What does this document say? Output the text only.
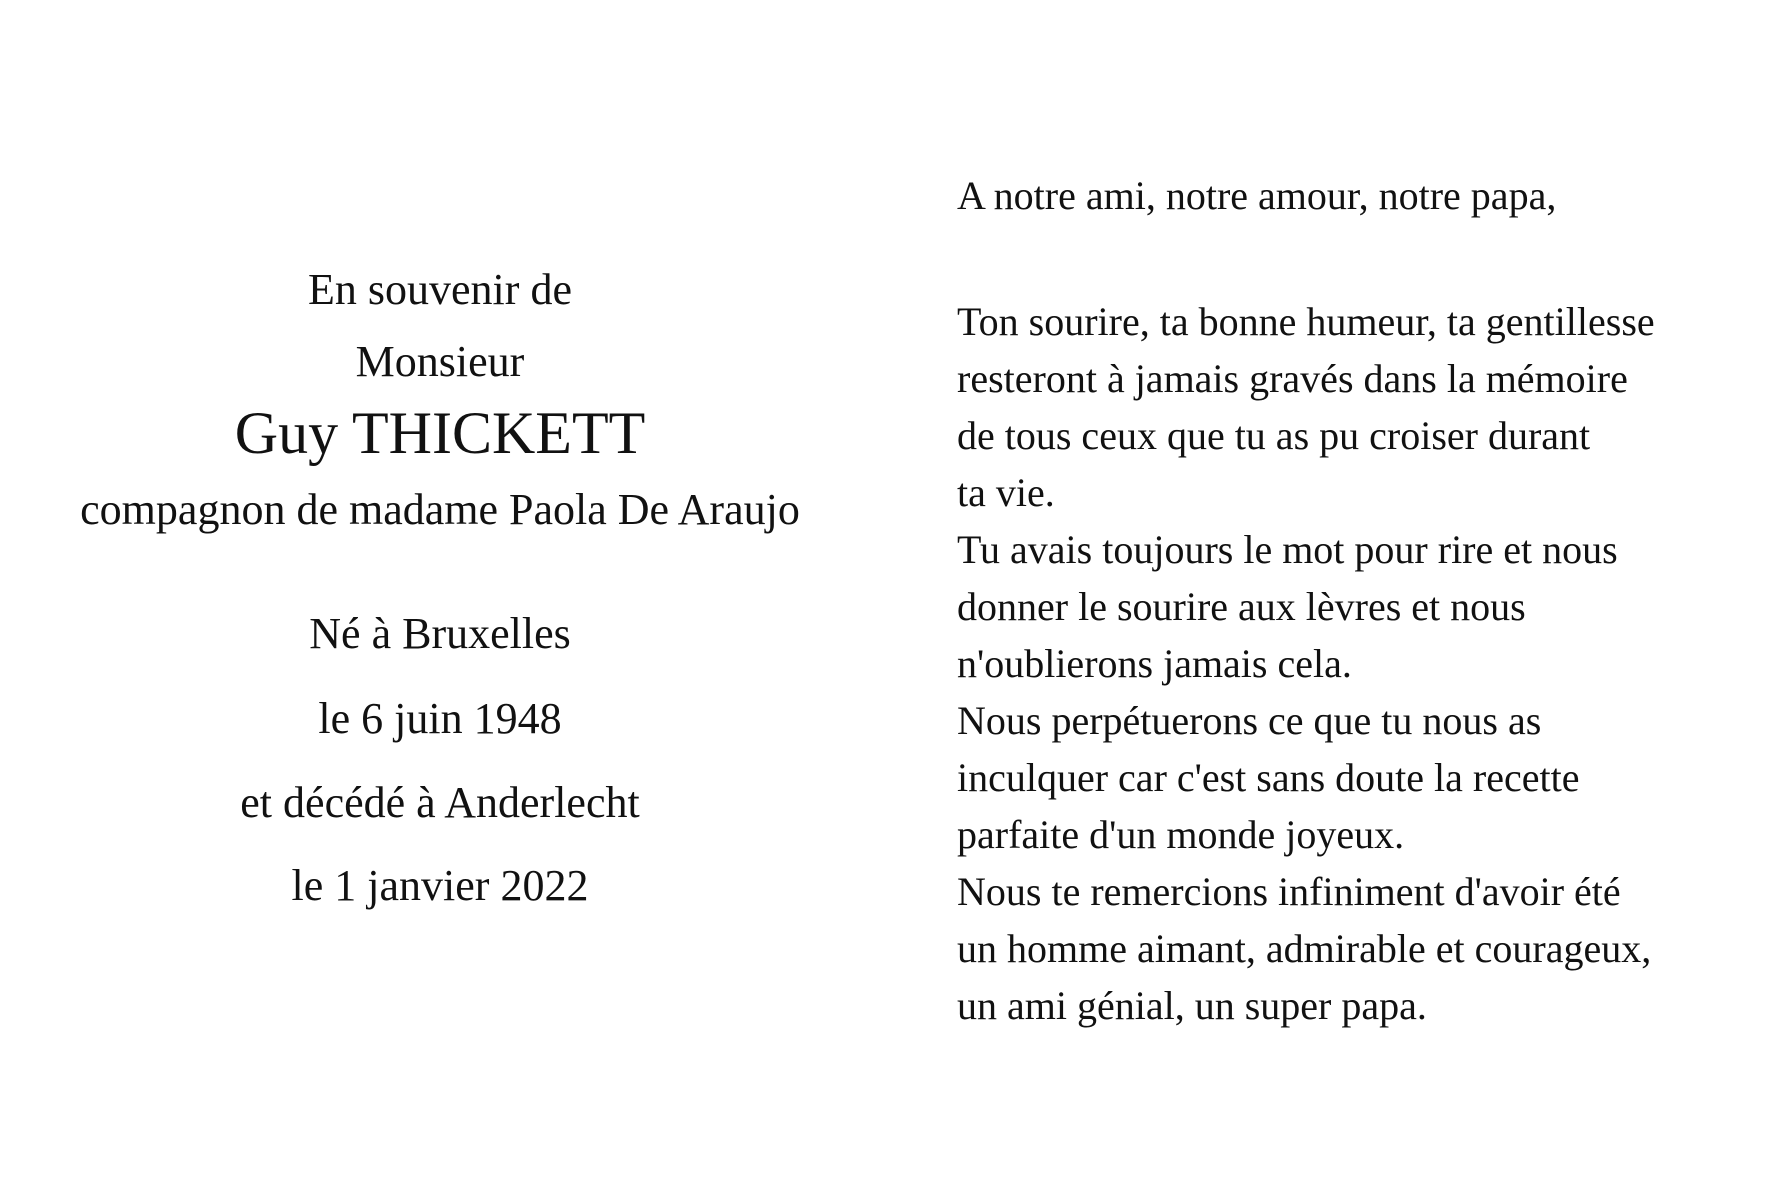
En souvenir de
Monsieur
Guy THICKETT
compagnon de madame Paola De Araujo
Né à Bruxelles
le 6 juin 1948
et décédé à Anderlecht
le 1 janvier 2022
A notre ami, notre amour, notre papa,
Ton sourire, ta bonne humeur, ta gentillesse
resteront à jamais gravés dans la mémoire
de tous ceux que tu as pu croiser durant
ta vie.
Tu avais toujours le mot pour rire et nous
donner le sourire aux lèvres et nous
n'oublierons jamais cela.
Nous perpétuerons ce que tu nous as
inculquer car c'est sans doute la recette
parfaite d'un monde joyeux.
Nous te remercions infiniment d'avoir été
un homme aimant, admirable et courageux,
un ami génial, un super papa.
